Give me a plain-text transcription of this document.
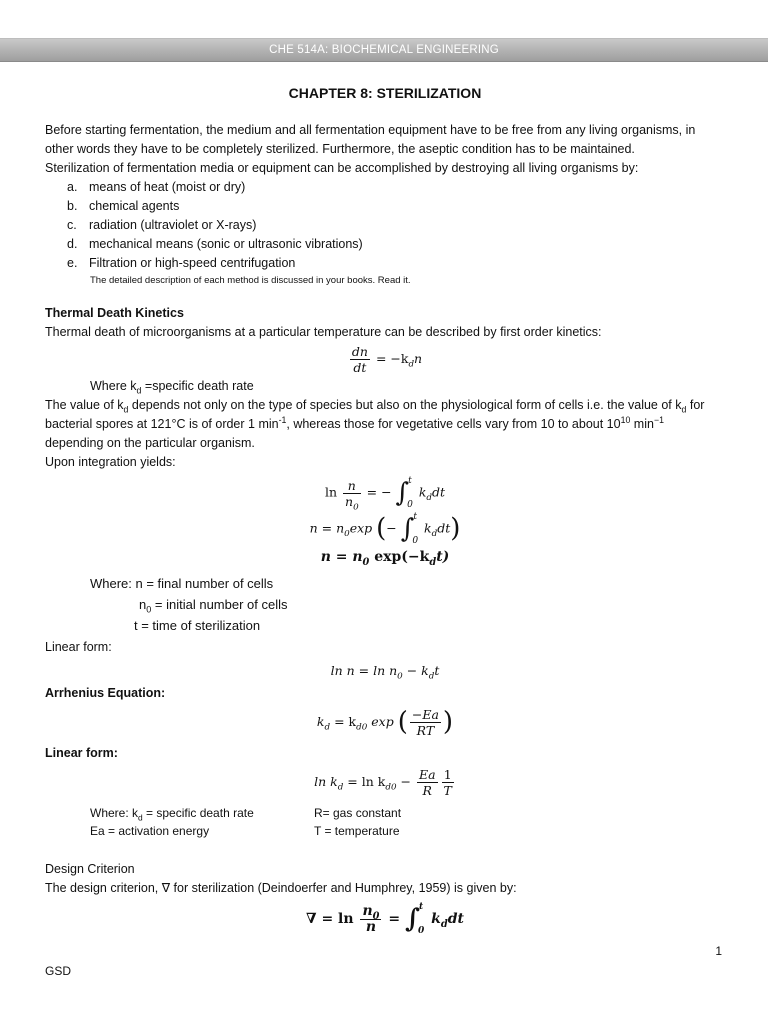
CHE 514A: BIOCHEMICAL ENGINEERING
CHAPTER 8: STERILIZATION

Before starting fermentation, the medium and all fermentation equipment have to be free from any living organisms, in other words they have to be completely sterilized. Furthermore, the aseptic condition has to be maintained.

Sterilization of fermentation media or equipment can be accomplished by destroying all living organisms by:

a. means of heat (moist or dry)
b. chemical agents
c. radiation (ultraviolet or X-rays)
d. mechanical means (sonic or ultrasonic vibrations)
e. Filtration or high-speed centrifugation

The detailed description of each method is discussed in your books. Read it.

Thermal Death Kinetics

Thermal death of microorganisms at a particular temperature can be described by first order kinetics:

$\frac{dn}{dt} = -k_dn$

Where $k_d$ =specific death rate

The value of $k_d$ depends not only on the type of species but also on the physiological form of cells i.e. the value of $k_d$ for bacterial spores at 121°C is of order 1 $\min^{-1}$, whereas those for vegetative cells vary from 10 to about $10^{10}$ $\min^{-1}$ depending on the particular organism.

Upon integration yields:

$\ln \frac{n}{n_0}$ = − ∫ t
0
$k_ddt$
$n = n_0\exp$ (− ∫ t
0
$k_ddt$)
$n = n_0$ $\exp(-k_dt)$
Where: n = final number of cells
$n_0$ = initial number of cells
t = time of sterilization

Linear form:

$\ln n = \ln n_0 - k_dt$

Arrhenius Equation:

$k_d = k_{d0}$ exp ( $\frac{-Ea}{RT}$ )

Linear form:

$\ln k_d = \ln k_{d0} - \frac{Ea}{R} \frac{1}{T}$
Where: $k_d$ = specific death rate
Ea = activation energy
R= gas constant
T = temperature

Design Criterion

The design criterion, ∇ for sterilization (Deindoerfer and Humphrey, 1959) is given by:

∇ = $\ln \frac{n_0}{n}$ = ∫ t
0
$k_ddt$
1
GSD
